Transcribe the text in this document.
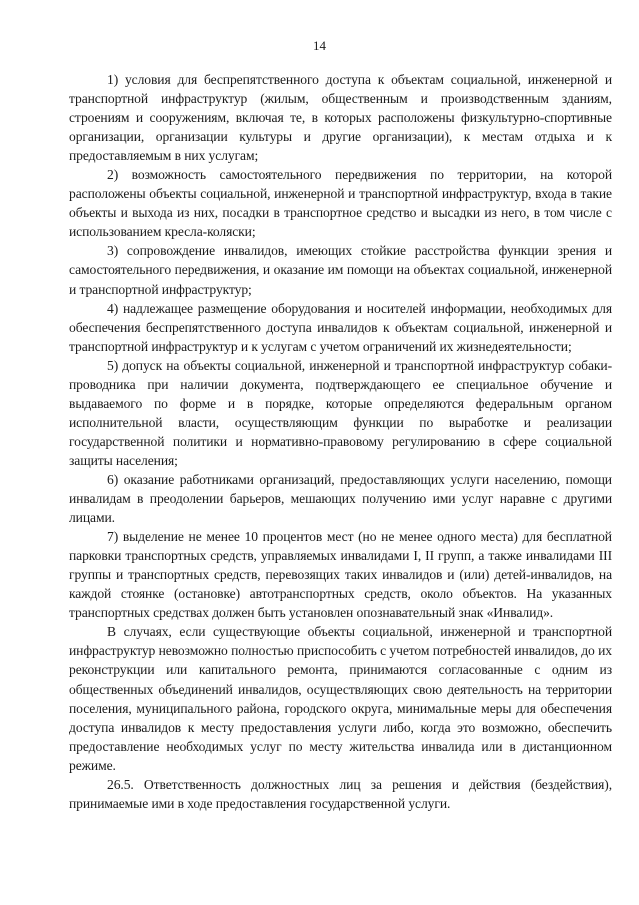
14

1) условия для беспрепятственного доступа к объектам социальной, инженерной и транспортной инфраструктур (жилым, общественным и производственным зданиям, строениям и сооружениям, включая те, в которых расположены физкультурно-спортивные организации, организации культуры и другие организации), к местам отдыха и к предоставляемым в них услугам;

2) возможность самостоятельного передвижения по территории, на которой расположены объекты социальной, инженерной и транспортной инфраструктур, входа в такие объекты и выхода из них, посадки в транспортное средство и высадки из него, в том числе с использованием кресла-коляски;

3) сопровождение инвалидов, имеющих стойкие расстройства функции зрения и самостоятельного передвижения, и оказание им помощи на объектах социальной, инженерной и транспортной инфраструктур;

4) надлежащее размещение оборудования и носителей информации, необходимых для обеспечения беспрепятственного доступа инвалидов к объектам социальной, инженерной и транспортной инфраструктур и к услугам с учетом ограничений их жизнедеятельности;

5) допуск на объекты социальной, инженерной и транспортной инфраструктур собаки-проводника при наличии документа, подтверждающего ее специальное обучение и выдаваемого по форме и в порядке, которые определяются федеральным органом исполнительной власти, осуществляющим функции по выработке и реализации государственной политики и нормативно-правовому регулированию в сфере социальной защиты населения;

6) оказание работниками организаций, предоставляющих услуги населению, помощи инвалидам в преодолении барьеров, мешающих получению ими услуг наравне с другими лицами.

7) выделение не менее 10 процентов мест (но не менее одного места) для бесплатной парковки транспортных средств, управляемых инвалидами I, II групп, а также инвалидами III группы и транспортных средств, перевозящих таких инвалидов и (или) детей-инвалидов, на каждой стоянке (остановке) автотранспортных средств, около объектов. На указанных транспортных средствах должен быть установлен опознавательный знак «Инвалид».

В случаях, если существующие объекты социальной, инженерной и транспортной инфраструктур невозможно полностью приспособить с учетом потребностей инвалидов, до их реконструкции или капитального ремонта, принимаются согласованные с одним из общественных объединений инвалидов, осуществляющих свою деятельность на территории поселения, муниципального района, городского округа, минимальные меры для обеспечения доступа инвалидов к месту предоставления услуги либо, когда это возможно, обеспечить предоставление необходимых услуг по месту жительства инвалида или в дистанционном режиме.

26.5. Ответственность должностных лиц за решения и действия (бездействия), принимаемые ими в ходе предоставления государственной услуги.
